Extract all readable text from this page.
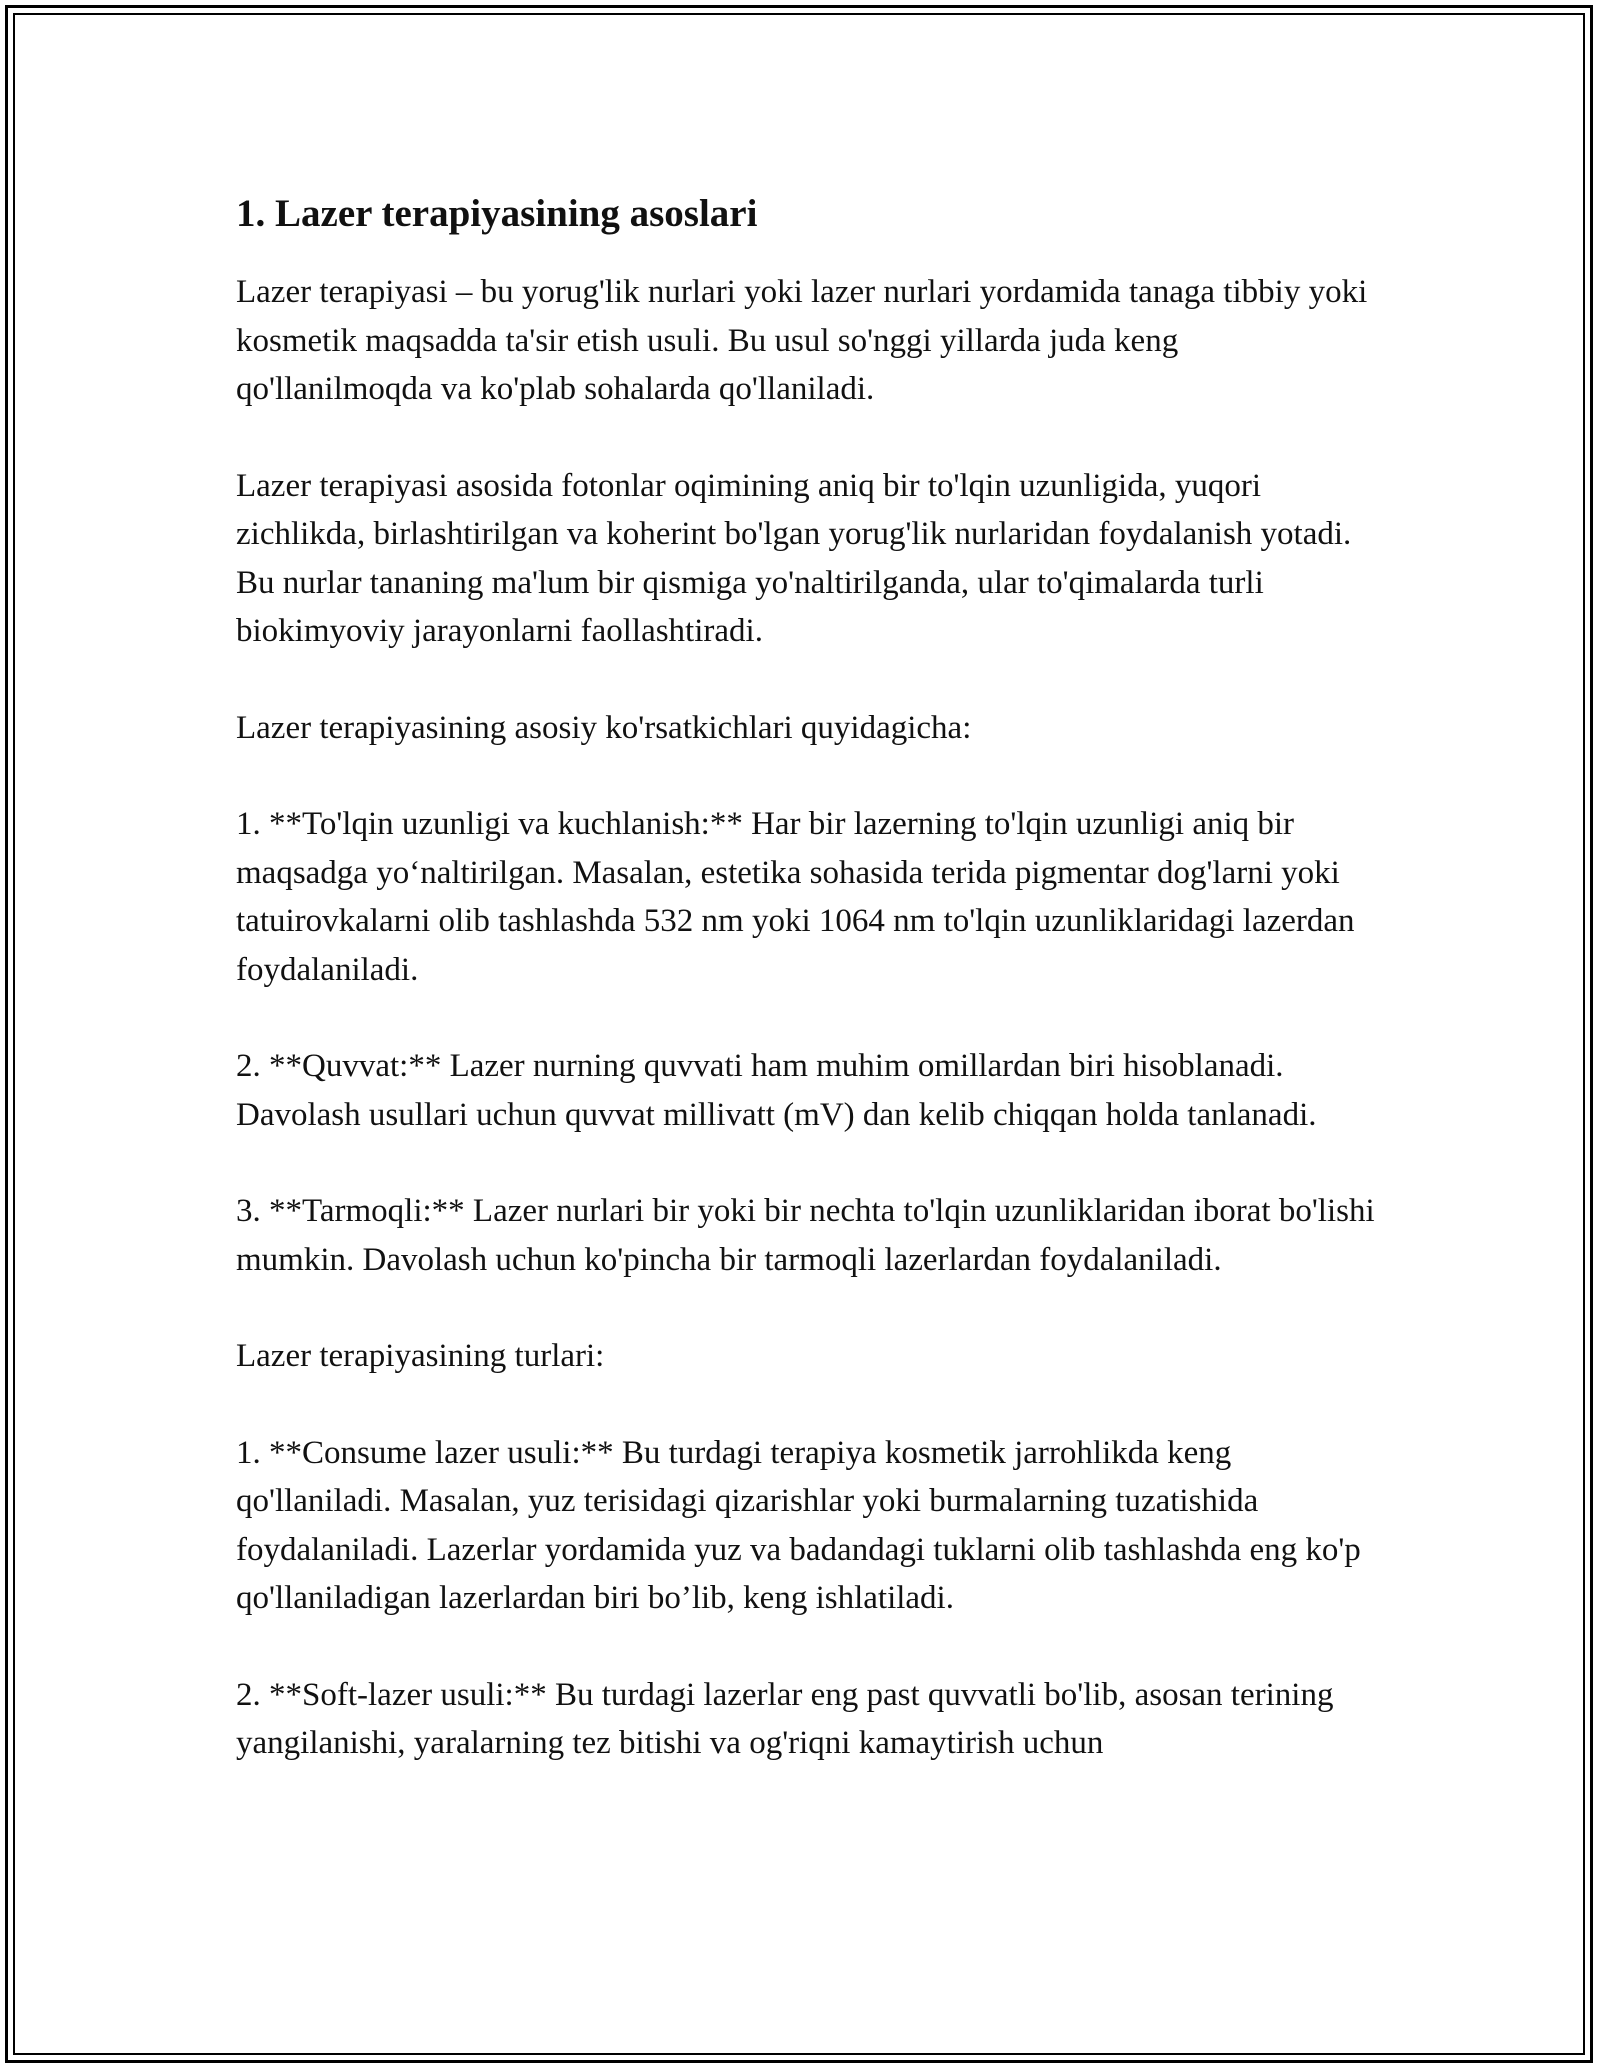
1. Lazer terapiyasining asoslari

Lazer terapiyasi – bu yorug'lik nurlari yoki lazer nurlari yordamida tanaga tibbiy yoki kosmetik maqsadda ta'sir etish usuli. Bu usul so'nggi yillarda juda keng qo'llanilmoqda va ko'plab sohalarda qo'llaniladi.

Lazer terapiyasi asosida fotonlar oqimining aniq bir to'lqin uzunligida, yuqori zichlikda, birlashtirilgan va koherint bo'lgan yorug'lik nurlaridan foydalanish yotadi. Bu nurlar tananing ma'lum bir qismiga yo'naltirilganda, ular to'qimalarda turli biokimyoviy jarayonlarni faollashtiradi.

Lazer terapiyasining asosiy ko'rsatkichlari quyidagicha:

1. **To'lqin uzunligi va kuchlanish:** Har bir lazerning to'lqin uzunligi aniq bir maqsadga yo‘naltirilgan. Masalan, estetika sohasida terida pigmentar dog'larni yoki tatuirovkalarni olib tashlashda 532 nm yoki 1064 nm to'lqin uzunliklaridagi lazerdan foydalaniladi.

2. **Quvvat:** Lazer nurning quvvati ham muhim omillardan biri hisoblanadi. Davolash usullari uchun quvvat millivatt (mV) dan kelib chiqqan holda tanlanadi.

3. **Tarmoqli:** Lazer nurlari bir yoki bir nechta to'lqin uzunliklaridan iborat bo'lishi mumkin. Davolash uchun ko'pincha bir tarmoqli lazerlardan foydalaniladi.

Lazer terapiyasining turlari:

1. **Consume lazer usuli:** Bu turdagi terapiya kosmetik jarrohlikda keng qo'llaniladi. Masalan, yuz terisidagi qizarishlar yoki burmalarning tuzatishida foydalaniladi. Lazerlar yordamida yuz va badandagi tuklarni olib tashlashda eng ko'p qo'llaniladigan lazerlardan biri bo’lib, keng ishlatiladi.

2. **Soft-lazer usuli:** Bu turdagi lazerlar eng past quvvatli bo'lib, asosan terining yangilanishi, yaralarning tez bitishi va og'riqni kamaytirish uchun
